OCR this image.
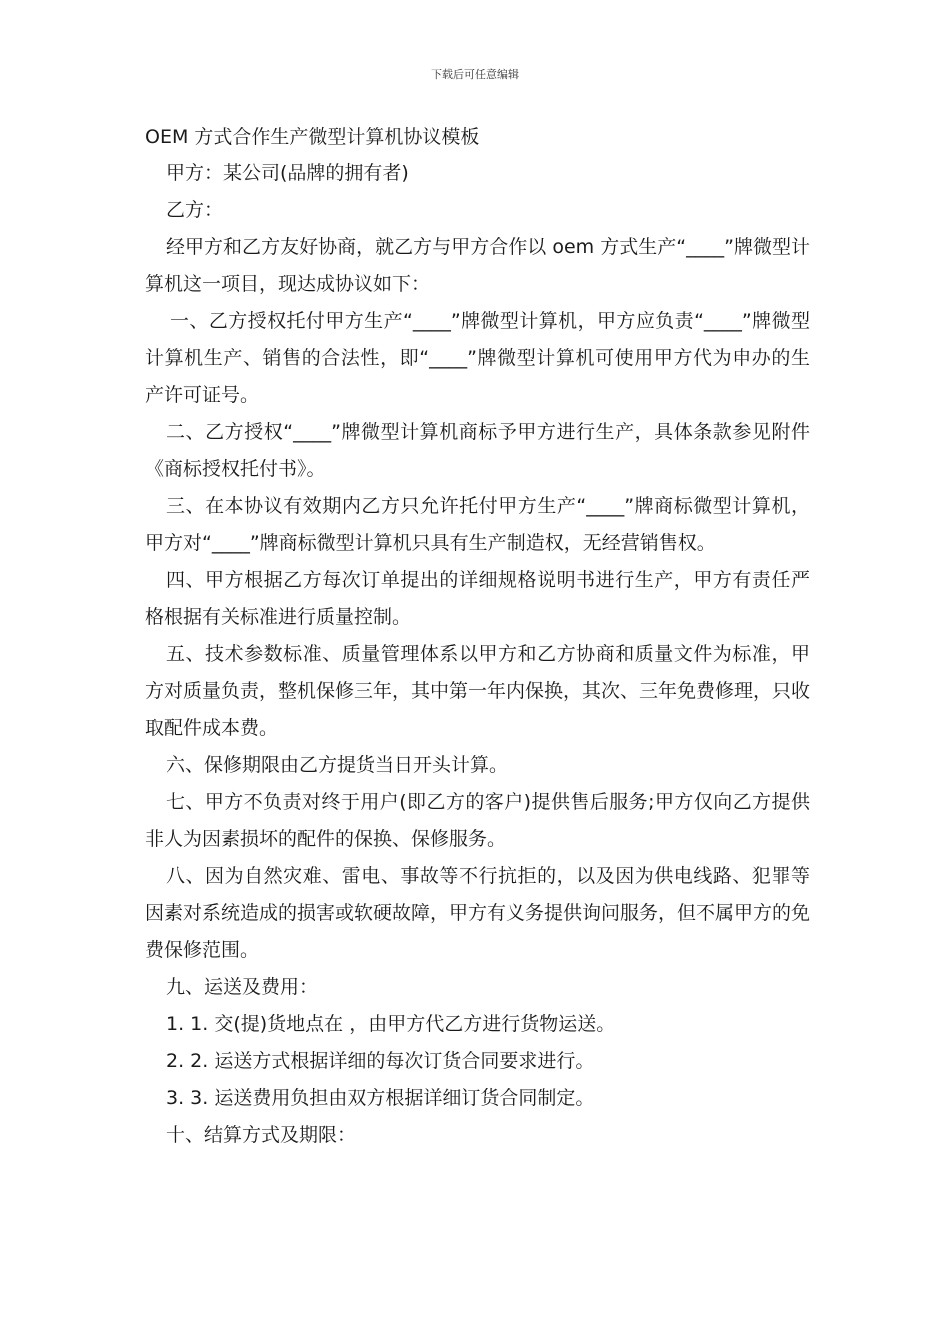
下载后可任意编辑

OEM 方式合作生产微型计算机协议模板

甲方：某公司(品牌的拥有者)

乙方：

经甲方和乙方友好协商，就乙方与甲方合作以 oem 方式生产“____”牌微型计算机这一项目，现达成协议如下：

一、乙方授权托付甲方生产“____”牌微型计算机，甲方应负责“____”牌微型计算机生产、销售的合法性，即“____”牌微型计算机可使用甲方代为申办的生产许可证号。

二、乙方授权“____”牌微型计算机商标予甲方进行生产，具体条款参见附件《商标授权托付书》。

三、在本协议有效期内乙方只允许托付甲方生产“____”牌商标微型计算机，甲方对“____”牌商标微型计算机只具有生产制造权，无经营销售权。

四、甲方根据乙方每次订单提出的详细规格说明书进行生产，甲方有责任严格根据有关标准进行质量控制。

五、技术参数标准、质量管理体系以甲方和乙方协商和质量文件为标准，甲方对质量负责，整机保修三年，其中第一年内保换，其次、三年免费修理，只收取配件成本费。

六、保修期限由乙方提货当日开头计算。

七、甲方不负责对终于用户(即乙方的客户)提供售后服务;甲方仅向乙方提供非人为因素损坏的配件的保换、保修服务。

八、因为自然灾难、雷电、事故等不行抗拒的，以及因为供电线路、犯罪等因素对系统造成的损害或软硬故障，甲方有义务提供询问服务，但不属甲方的免费保修范围。

九、运送及费用：

1. 1. 交(提)货地点在 ，由甲方代乙方进行货物运送。

2. 2. 运送方式根据详细的每次订货合同要求进行。

3. 3. 运送费用负担由双方根据详细订货合同制定。

十、结算方式及期限：
